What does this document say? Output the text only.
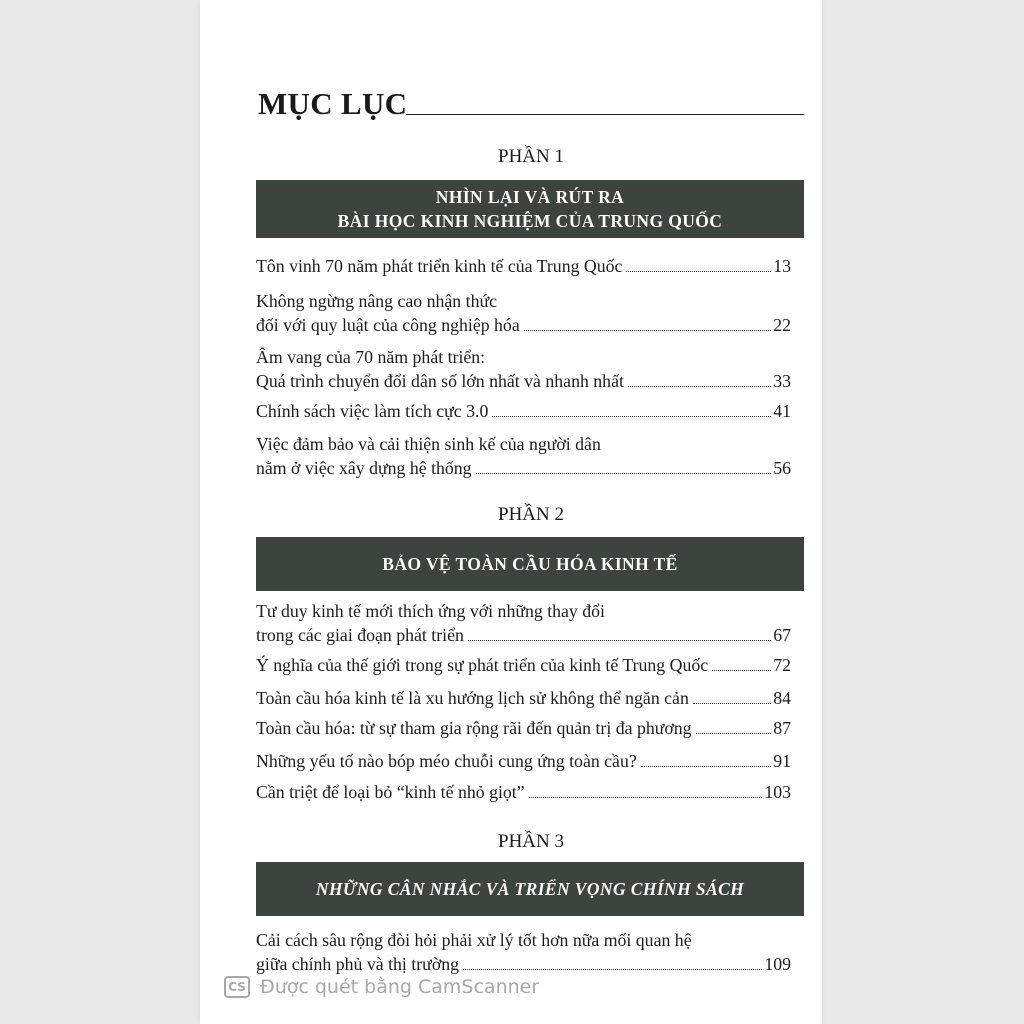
MỤC LỤC
PHẦN 1
NHÌN LẠI VÀ RÚT RA
BÀI HỌC KINH NGHIỆM CỦA TRUNG QUỐC
Tôn vinh 70 năm phát triển kinh tế của Trung Quốc	13
Không ngừng nâng cao nhận thức
đối với quy luật của công nghiệp hóa	22
Âm vang của 70 năm phát triển:
Quá trình chuyển đổi dân số lớn nhất và nhanh nhất	33
Chính sách việc làm tích cực 3.0	41
Việc đảm bảo và cải thiện sinh kế của người dân
nằm ở việc xây dựng hệ thống	56
PHẦN 2
BẢO VỆ TOÀN CẦU HÓA KINH TẾ
Tư duy kinh tế mới thích ứng với những thay đổi
trong các giai đoạn phát triển	67
Ý nghĩa của thế giới trong sự phát triển của kinh tế Trung Quốc	72
Toàn cầu hóa kinh tế là xu hướng lịch sử không thể ngăn cản	84
Toàn cầu hóa: từ sự tham gia rộng rãi đến quản trị đa phương	87
Những yếu tố nào bóp méo chuỗi cung ứng toàn cầu?	91
Cần triệt để loại bỏ “kinh tế nhỏ giọt”	103
PHẦN 3
NHỮNG CÂN NHẮC VÀ TRIỂN VỌNG CHÍNH SÁCH
Cải cách sâu rộng đòi hỏi phải xử lý tốt hơn nữa mối quan hệ
giữa chính phủ và thị trường	109
CS Được quét bằng CamScanner
